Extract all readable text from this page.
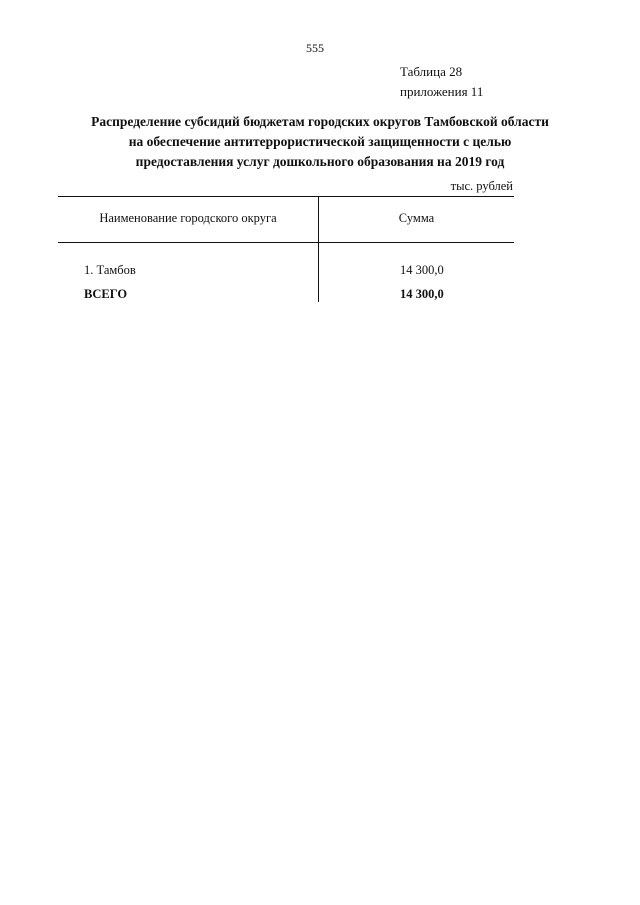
555
Таблица 28
приложения 11
Распределение субсидий бюджетам городских округов Тамбовской области
на обеспечение антитеррористической защищенности с целью
предоставления услуг дошкольного образования на 2019 год
тыс. рублей
Наименование городского округа	Сумма
1. Тамбов	14 300,0
ВСЕГО	14 300,0
